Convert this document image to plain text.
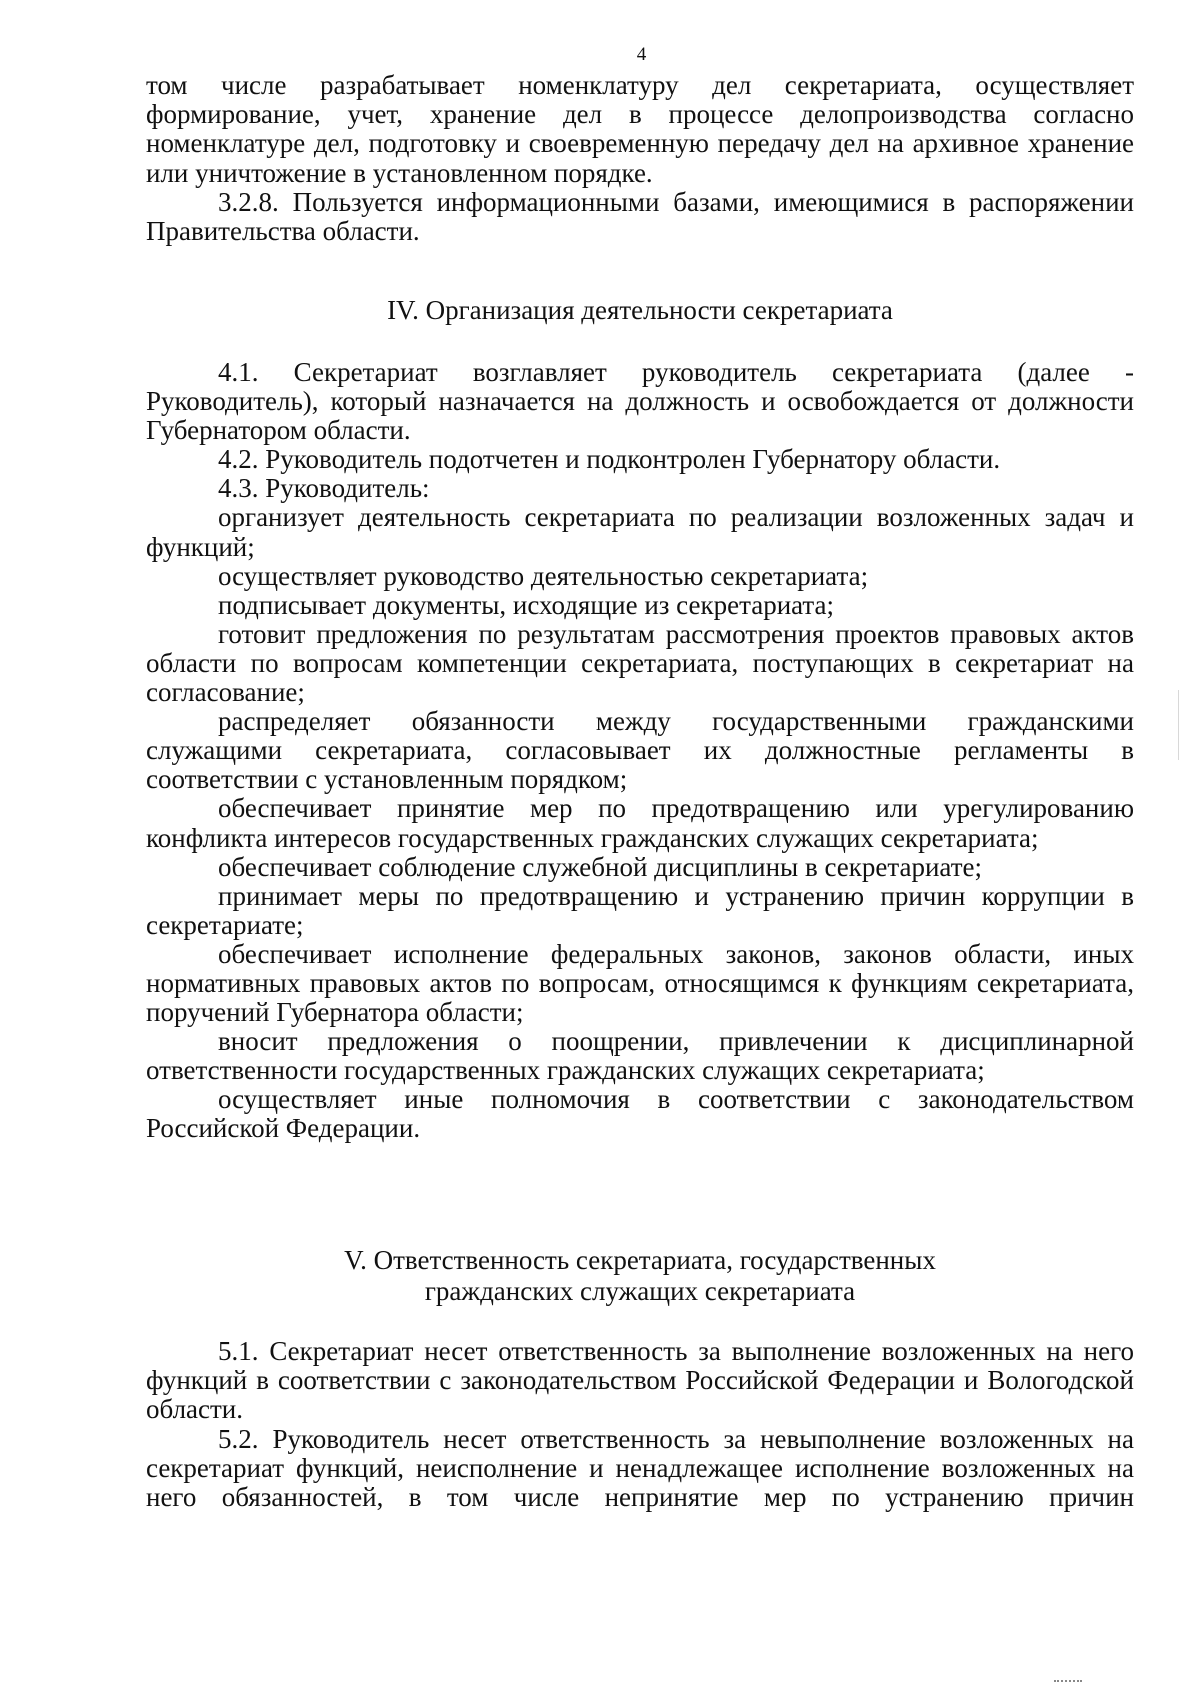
4

том числе разрабатывает номенклатуру дел секретариата, осуществляет формирование, учет, хранение дел в процессе делопроизводства согласно номенклатуре дел, подготовку и своевременную передачу дел на архивное хранение или уничтожение в установленном порядке.

3.2.8. Пользуется информационными базами, имеющимися в распоряжении Правительства области.

IV. Организация деятельности секретариата

4.1. Секретариат возглавляет руководитель секретариата (далее - Руководитель), который назначается на должность и освобождается от должности Губернатором области.

4.2. Руководитель подотчетен и подконтролен Губернатору области.

4.3. Руководитель:

организует деятельность секретариата по реализации возложенных задач и функций;

осуществляет руководство деятельностью секретариата;

подписывает документы, исходящие из секретариата;

готовит предложения по результатам рассмотрения проектов правовых актов области по вопросам компетенции секретариата, поступающих в секретариат на согласование;

распределяет обязанности между государственными гражданскими служащими секретариата, согласовывает их должностные регламенты в соответствии с установленным порядком;

обеспечивает принятие мер по предотвращению или урегулированию конфликта интересов государственных гражданских служащих секретариата;

обеспечивает соблюдение служебной дисциплины в секретариате;

принимает меры по предотвращению и устранению причин коррупции в секретариате;

обеспечивает исполнение федеральных законов, законов области, иных нормативных правовых актов по вопросам, относящимся к функциям секретариата, поручений Губернатора области;

вносит предложения о поощрении, привлечении к дисциплинарной ответственности государственных гражданских служащих секретариата;

осуществляет иные полномочия в соответствии с законодательством Российской Федерации.

V. Ответственность секретариата, государственных
гражданских служащих секретариата

5.1. Секретариат несет ответственность за выполнение возложенных на него функций в соответствии с законодательством Российской Федерации и Вологодской области.

5.2. Руководитель несет ответственность за невыполнение возложенных на секретариат функций, неисполнение и ненадлежащее исполнение возложенных на него обязанностей, в том числе непринятие мер по устранению причин
